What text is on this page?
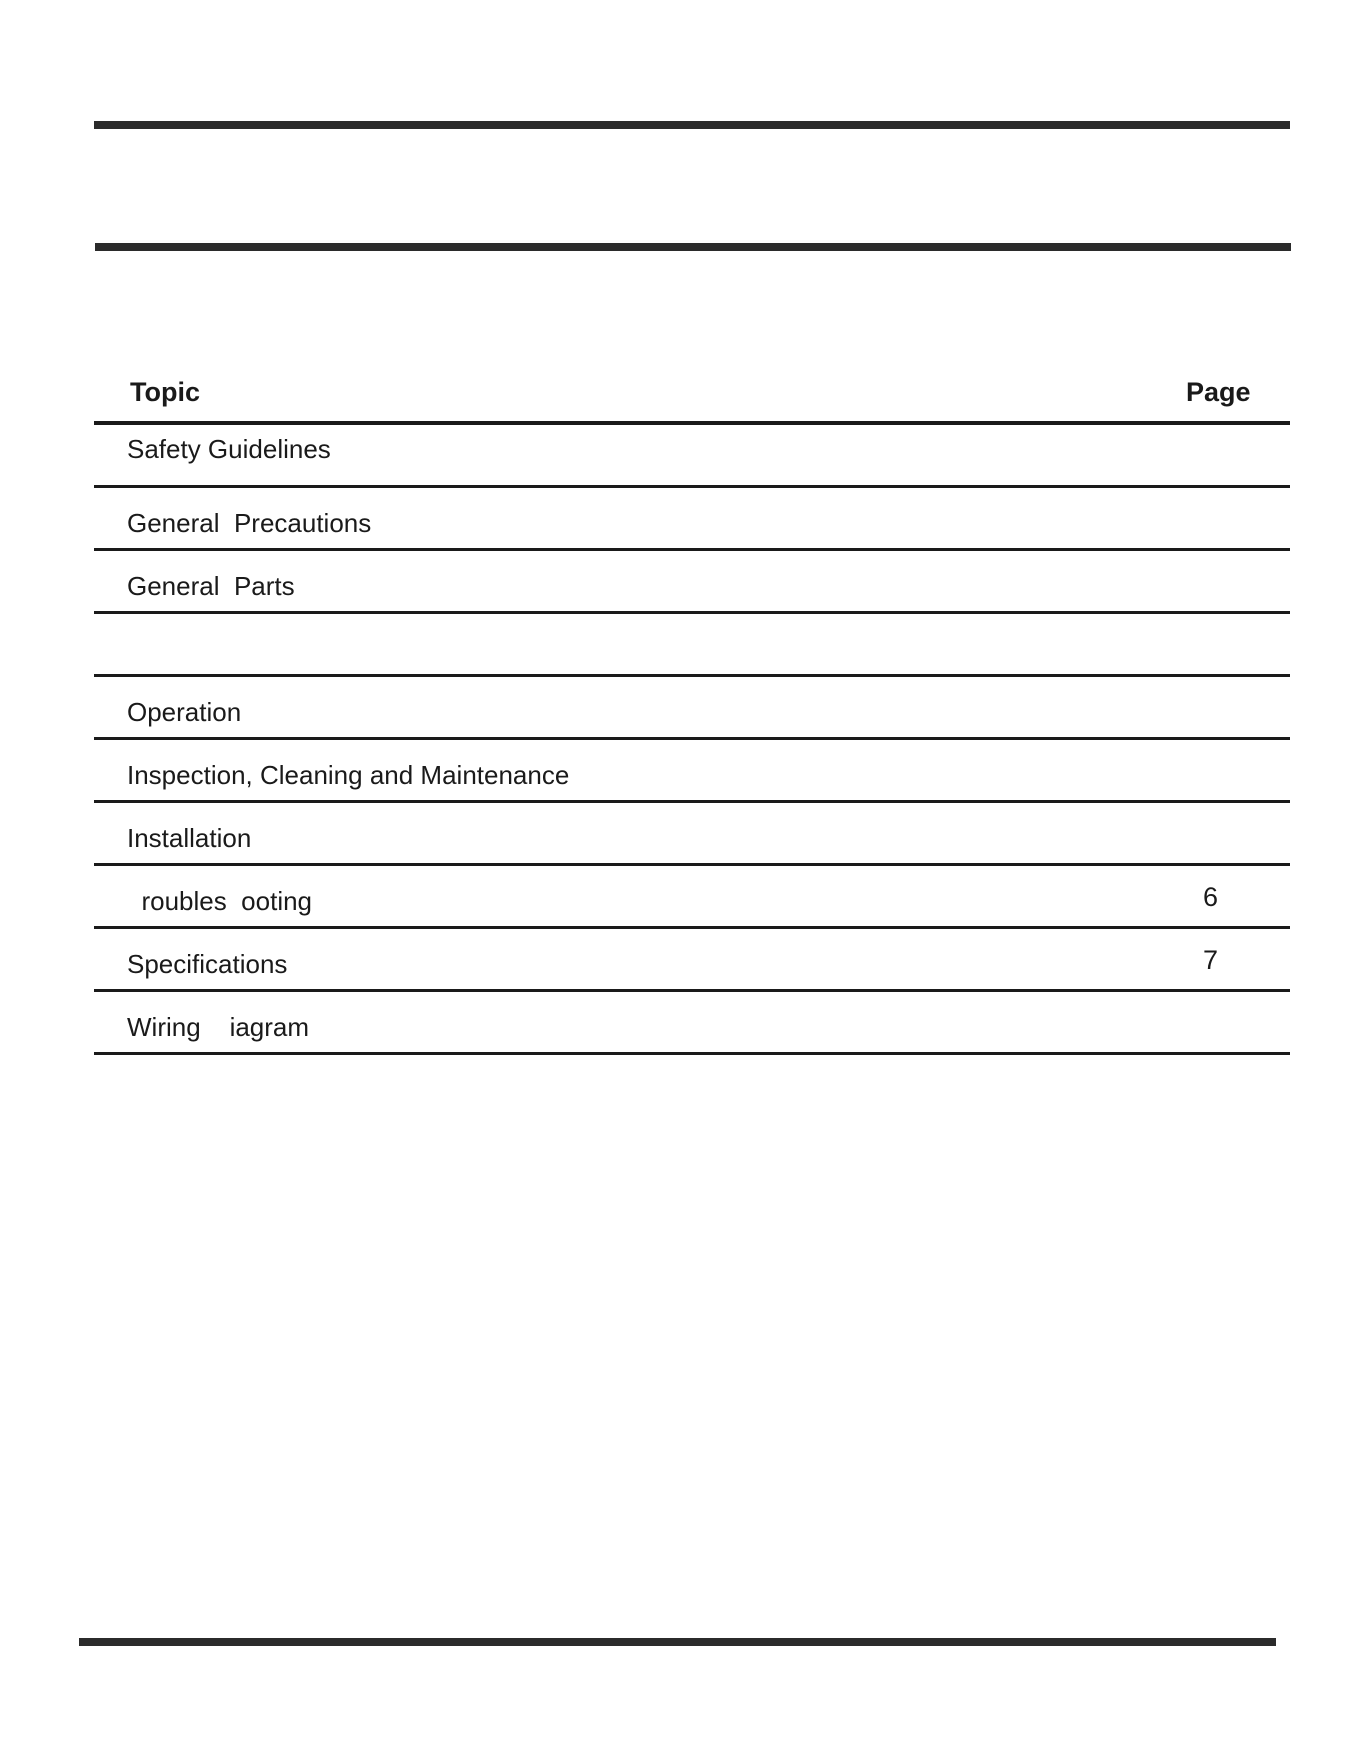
Topic	Page
Safety Guidelines
General  Precautions
General  Parts
Operation
Inspection, Cleaning and Maintenance
Installation
roubles  ooting	6
Specifications	7
Wiring    iagram
